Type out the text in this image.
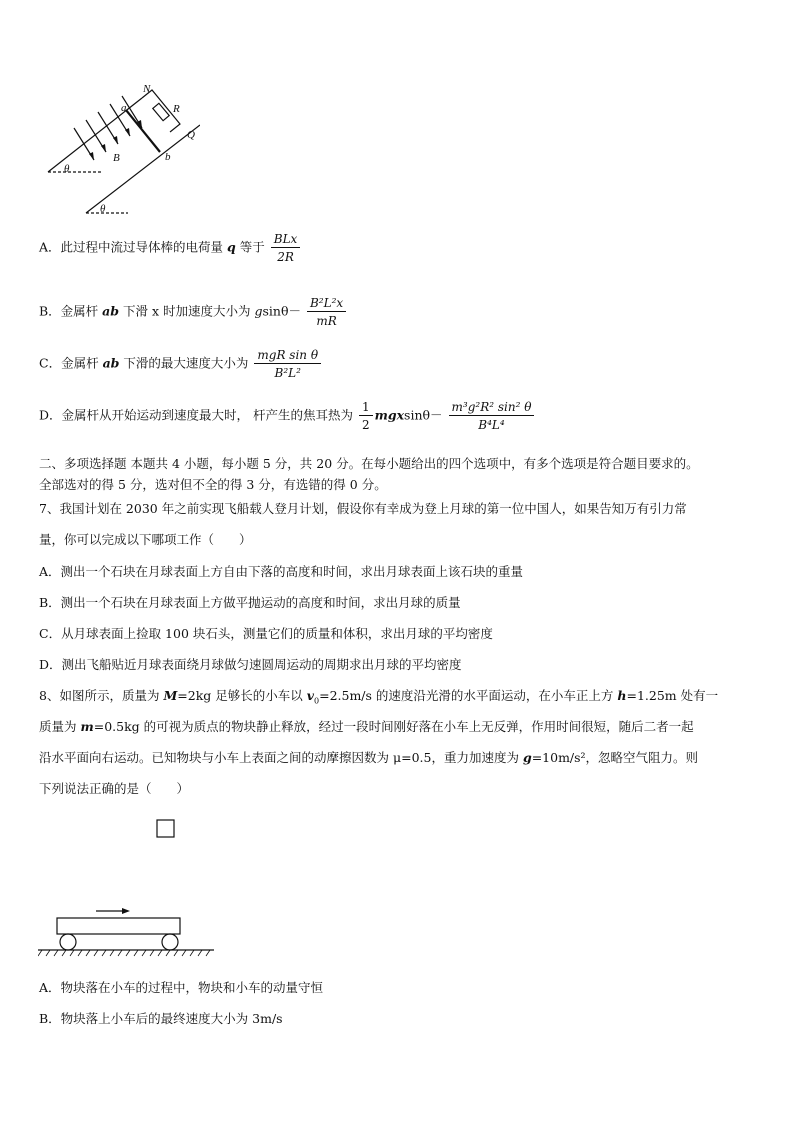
N
a	R
Q
B	b
θ
θ
A．此过程中流过导体棒的电荷量 q 等于 $\frac{\text{BLx}}{2R}$
B．金属杆 ab 下滑 x 时加速度大小为 $gsin\theta- \frac{\text{B²L²x}}{mR}$
C．金属杆 ab 下滑的最大速度大小为 $\frac{\text{mgR sin θ}}{\text{B²L²}}$
D．金属杆从开始运动到速度最大时， 杆产生的焦耳热为 $\frac{1}{2} mgxsin\theta- \frac{\text{m³g²R² sin² θ}}{\text{B⁴L⁴}}$
二、多项选择题 本题共 4 小题，每小题 5 分，共 20 分。在每小题给出的四个选项中，有多个选项是符合题目要求的。
全部选对的得 5 分，选对但不全的得 3 分，有选错的得 0 分。
7、我国计划在 2030 年之前实现飞船载人登月计划，假设你有幸成为登上月球的第一位中国人，如果告知万有引力常
量，你可以完成以下哪项工作（　　）
A．测出一个石块在月球表面上方自由下落的高度和时间，求出月球表面上该石块的重量
B．测出一个石块在月球表面上方做平抛运动的高度和时间，求出月球的质量
C．从月球表面上捡取 100 块石头，测量它们的质量和体积，求出月球的平均密度
D．测出飞船贴近月球表面绕月球做匀速圆周运动的周期求出月球的平均密度
8、如图所示，质量为 M=2kg 足够长的小车以 $v_0=2.5m/s$ 的速度沿光滑的水平面运动，在小车正上方 h=1.25m 处有一
质量为 m=0.5kg 的可视为质点的物块静止释放，经过一段时间刚好落在小车上无反弹，作用时间很短，随后二者一起
沿水平面向右运动。已知物块与小车上表面之间的动摩擦因数为 μ=0.5，重力加速度为 g=10m/s²，忽略空气阻力。则
下列说法正确的是（　　）
A．物块落在小车的过程中，物块和小车的动量守恒
B．物块落上小车后的最终速度大小为 3m/s
